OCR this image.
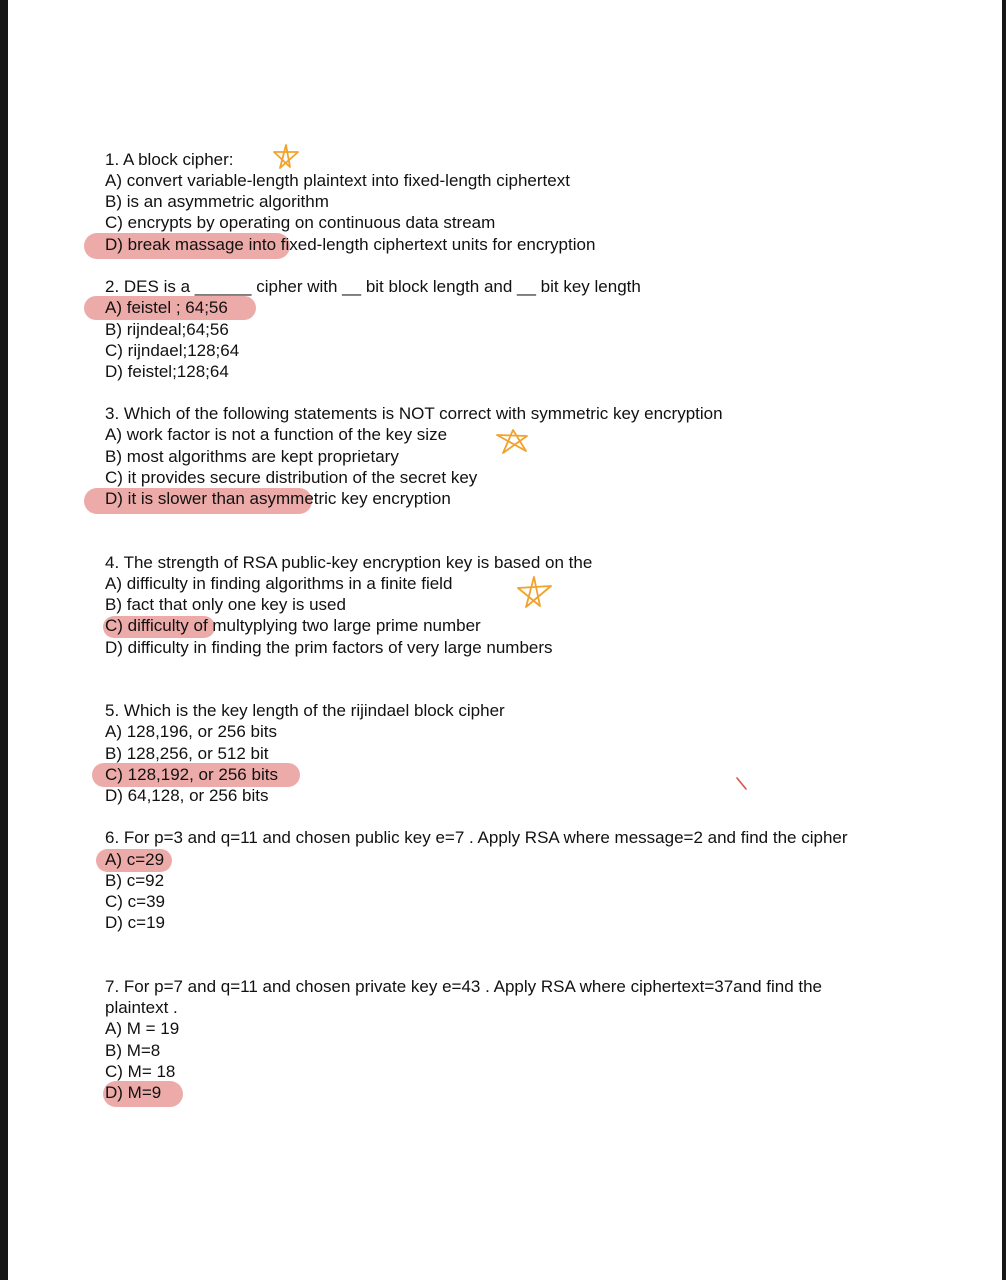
1. A block cipher:
A) convert variable-length plaintext into fixed-length ciphertext
B) is an asymmetric algorithm
C) encrypts by operating on continuous data stream
D) break massage into fixed-length ciphertext units for encryption
2. DES is a ______ cipher with __ bit block length and __ bit key length
A) feistel ; 64;56
B) rijndeal;64;56
C) rijndael;128;64
D) feistel;128;64
3. Which of the following statements is NOT correct with symmetric key encryption
A) work factor is not a function of the key size
B) most algorithms are kept proprietary
C) it provides secure distribution of the secret key
D) it is slower than asymmetric key encryption
4. The strength of RSA public-key encryption key is based on the
A) difficulty in finding algorithms in a finite field
B) fact that only one key is used
C) difficulty of multyplying two large prime number
D) difficulty in finding the prim factors of very large numbers
5. Which is the key length of the rijindael block cipher
A) 128,196, or 256 bits
B) 128,256, or 512 bit
C) 128,192, or 256 bits
D) 64,128, or 256 bits
6. For p=3 and q=11 and chosen public key e=7 . Apply RSA where message=2 and find the cipher
A) c=29
B) c=92
C) c=39
D) c=19
7. For p=7 and q=11 and chosen private key e=43 . Apply RSA where ciphertext=37and find the
plaintext .
A) M = 19
B) M=8
C) M= 18
D) M=9
